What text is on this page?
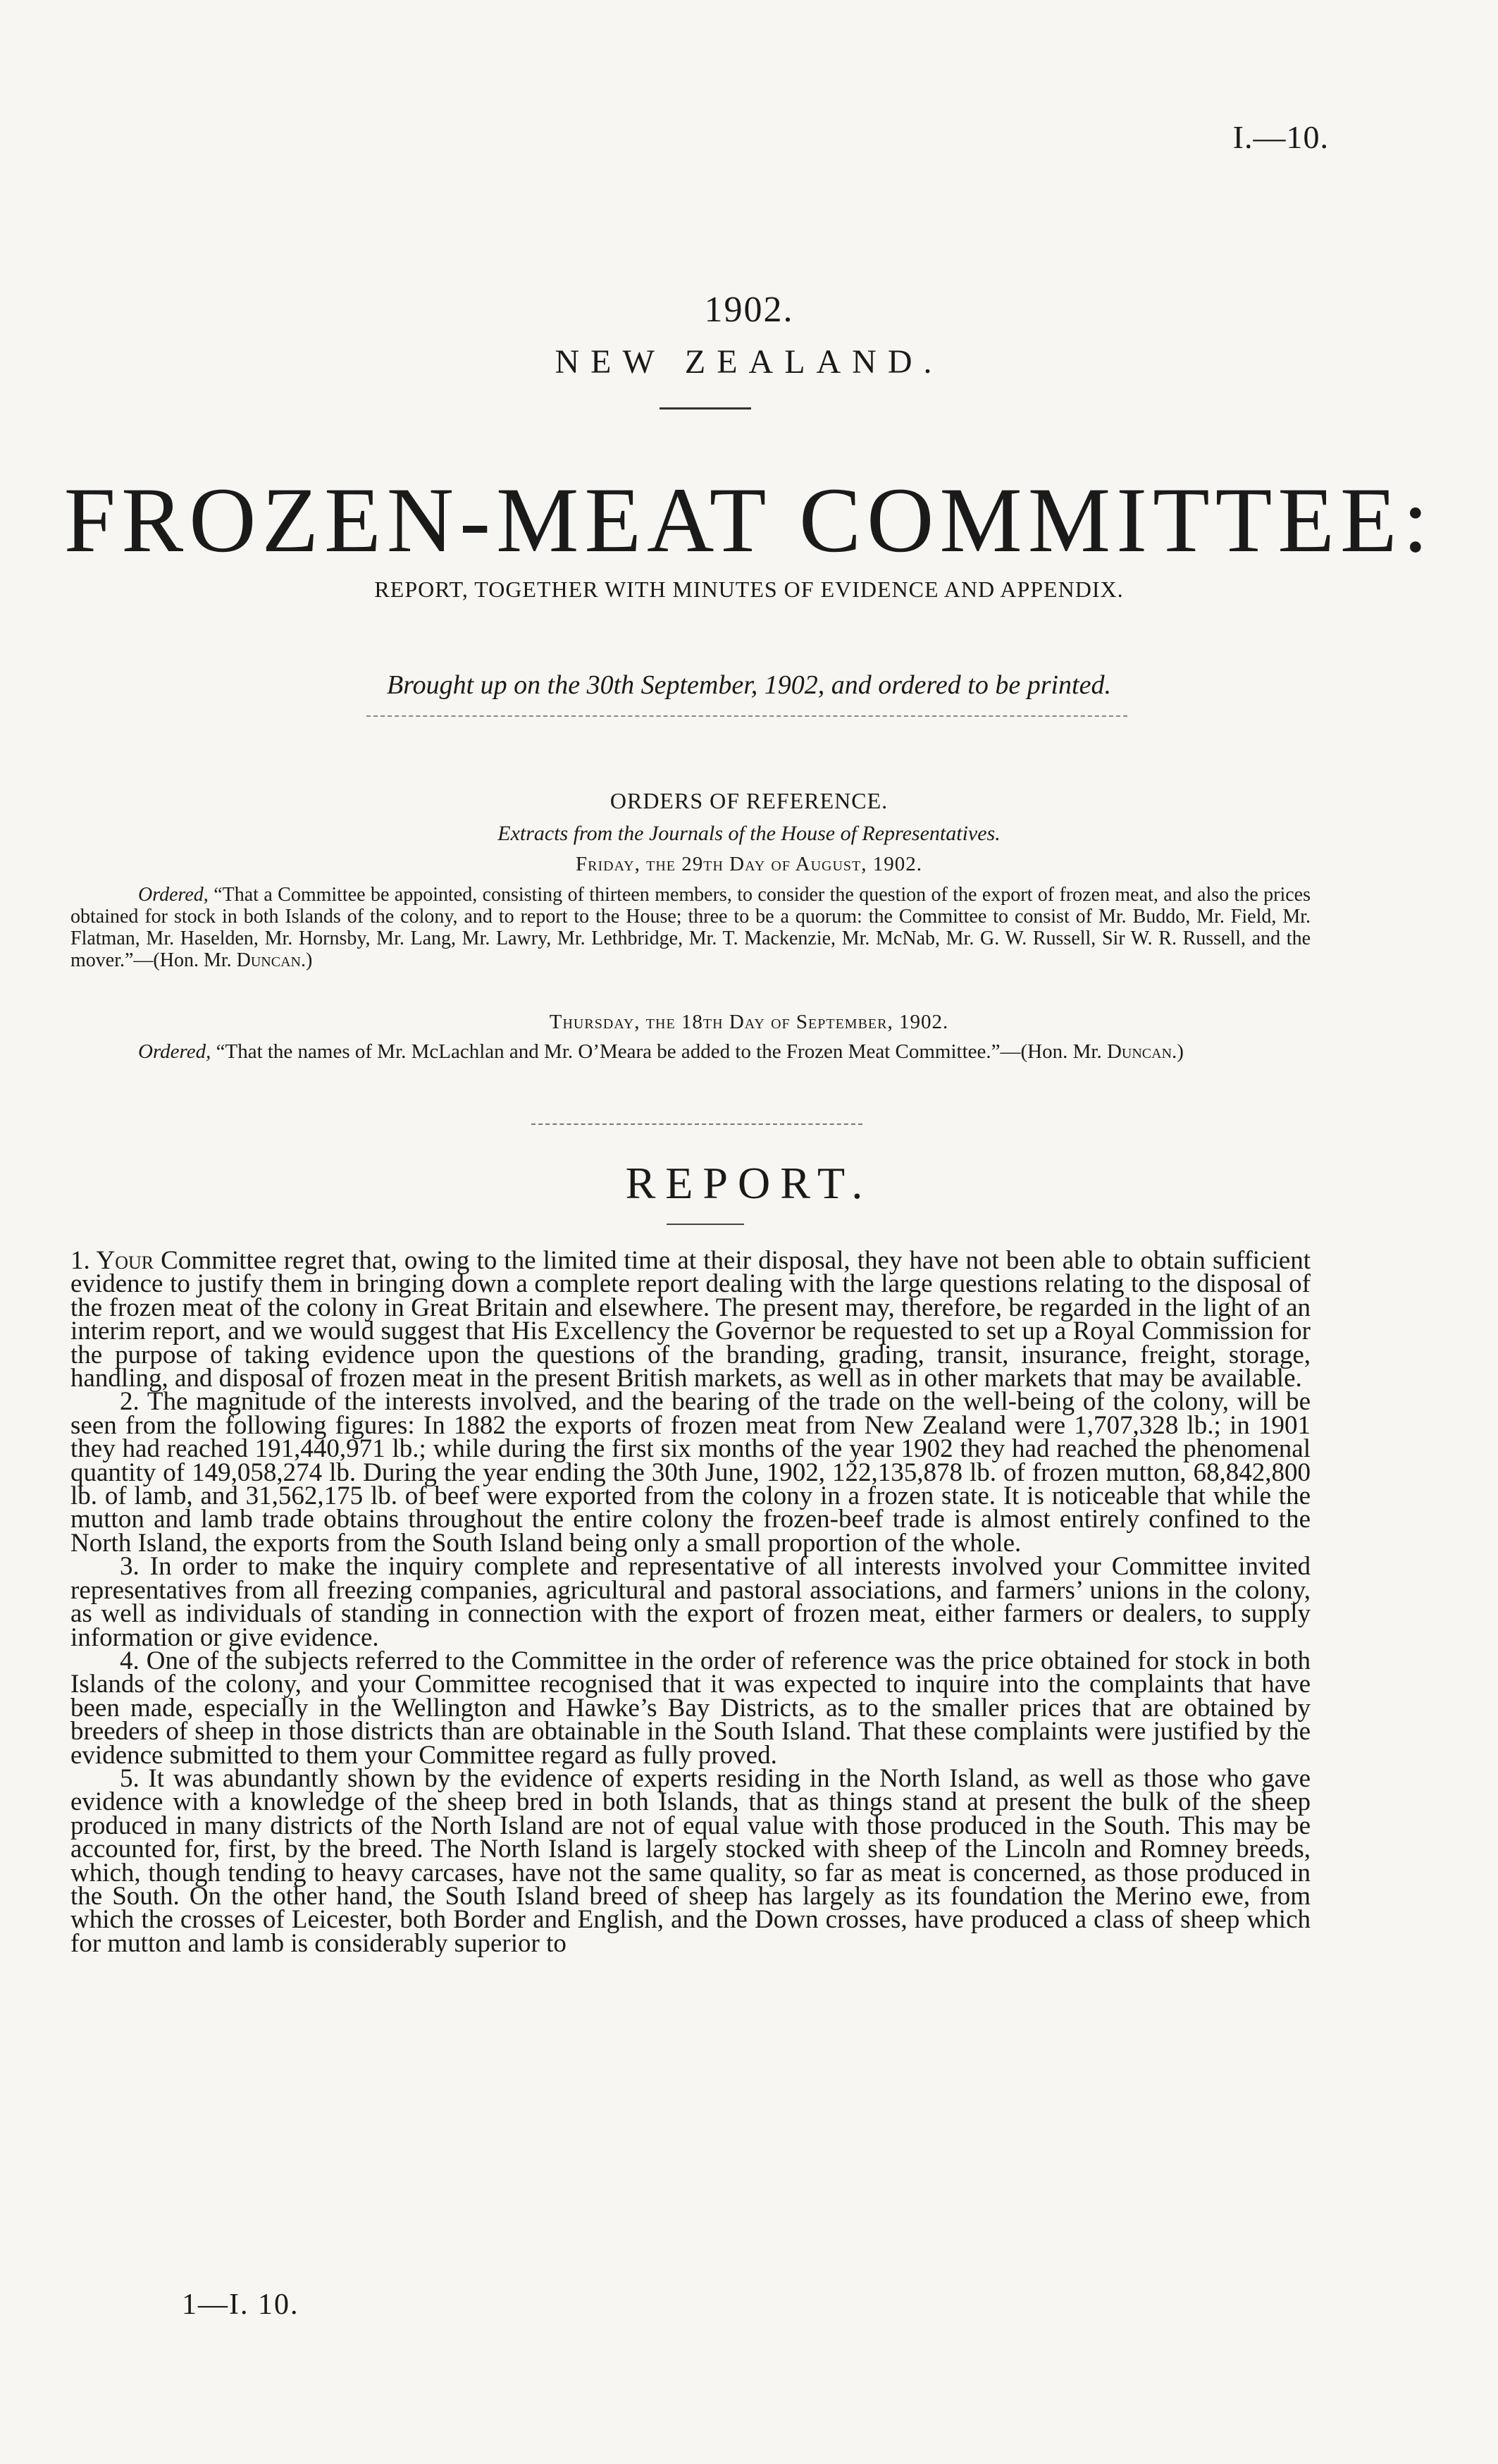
I.—10.
1902.
NEW ZEALAND.
FROZEN-MEAT COMMITTEE:
REPORT, TOGETHER WITH MINUTES OF EVIDENCE AND APPENDIX.
Brought up on the 30th September, 1902, and ordered to be printed.
ORDERS OF REFERENCE.
Extracts from the Journals of the House of Representatives.
Friday, the 29th Day of August, 1902.

Ordered, “That a Committee be appointed, consisting of thirteen members, to consider the question of the export of frozen meat, and also the prices obtained for stock in both Islands of the colony, and to report to the House; three to be a quorum: the Committee to consist of Mr. Buddo, Mr. Field, Mr. Flatman, Mr. Haselden, Mr. Hornsby, Mr. Lang, Mr. Lawry, Mr. Lethbridge, Mr. T. Mackenzie, Mr. McNab, Mr. G. W. Russell, Sir W. R. Russell, and the mover.”—(Hon. Mr. Duncan.)

Thursday, the 18th Day of September, 1902.

Ordered, “That the names of Mr. McLachlan and Mr. O’Meara be added to the Frozen Meat Committee.”—(Hon. Mr. Duncan.)

REPORT.

1. Your Committee regret that, owing to the limited time at their disposal, they have not been able to obtain sufficient evidence to justify them in bringing down a complete report dealing with the large questions relating to the disposal of the frozen meat of the colony in Great Britain and elsewhere. The present may, therefore, be regarded in the light of an interim report, and we would suggest that His Excellency the Governor be requested to set up a Royal Commission for the purpose of taking evidence upon the questions of the branding, grading, transit, insurance, freight, storage, handling, and disposal of frozen meat in the present British markets, as well as in other markets that may be available.

2. The magnitude of the interests involved, and the bearing of the trade on the well-being of the colony, will be seen from the following figures: In 1882 the exports of frozen meat from New Zealand were 1,707,328 lb.; in 1901 they had reached 191,440,971 lb.; while during the first six months of the year 1902 they had reached the phenomenal quantity of 149,058,274 lb. During the year ending the 30th June, 1902, 122,135,878 lb. of frozen mutton, 68,842,800 lb. of lamb, and 31,562,175 lb. of beef were exported from the colony in a frozen state. It is noticeable that while the mutton and lamb trade obtains throughout the entire colony the frozen-beef trade is almost entirely confined to the North Island, the exports from the South Island being only a small proportion of the whole.

3. In order to make the inquiry complete and representative of all interests involved your Committee invited representatives from all freezing companies, agricultural and pastoral associations, and farmers’ unions in the colony, as well as individuals of standing in connection with the export of frozen meat, either farmers or dealers, to supply information or give evidence.

4. One of the subjects referred to the Committee in the order of reference was the price obtained for stock in both Islands of the colony, and your Committee recognised that it was expected to inquire into the complaints that have been made, especially in the Wellington and Hawke’s Bay Districts, as to the smaller prices that are obtained by breeders of sheep in those districts than are obtainable in the South Island. That these complaints were justified by the evidence submitted to them your Committee regard as fully proved.

5. It was abundantly shown by the evidence of experts residing in the North Island, as well as those who gave evidence with a knowledge of the sheep bred in both Islands, that as things stand at present the bulk of the sheep produced in many districts of the North Island are not of equal value with those produced in the South. This may be accounted for, first, by the breed. The North Island is largely stocked with sheep of the Lincoln and Romney breeds, which, though tending to heavy carcases, have not the same quality, so far as meat is concerned, as those produced in the South. On the other hand, the South Island breed of sheep has largely as its foundation the Merino ewe, from which the crosses of Leicester, both Border and English, and the Down crosses, have produced a class of sheep which for mutton and lamb is considerably superior to

1—I. 10.
